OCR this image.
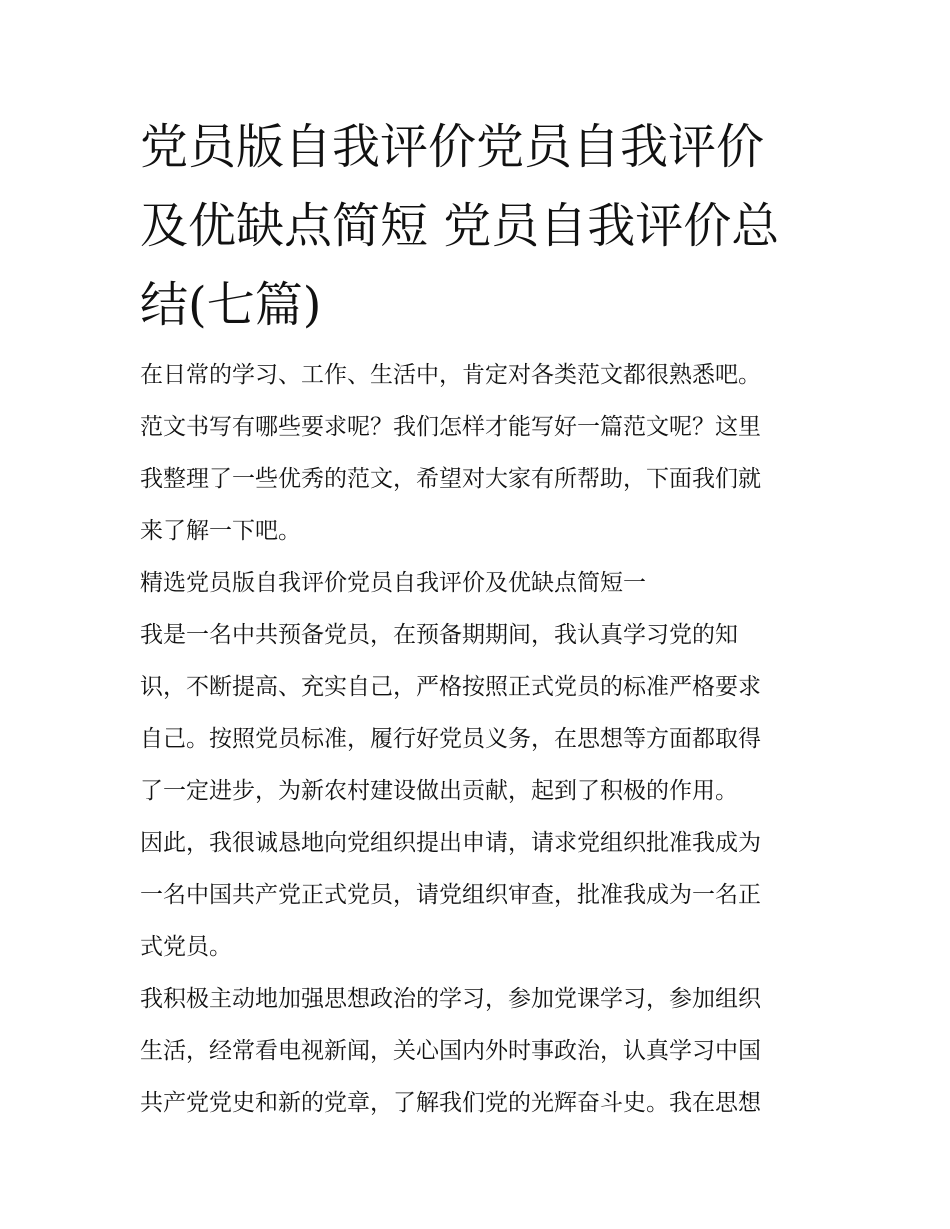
党员版自我评价党员自我评价
及优缺点简短 党员自我评价总
结(七篇)
在日常的学习、工作、生活中，肯定对各类范文都很熟悉吧。
范文书写有哪些要求呢？我们怎样才能写好一篇范文呢？这里
我整理了一些优秀的范文，希望对大家有所帮助，下面我们就
来了解一下吧。
精选党员版自我评价党员自我评价及优缺点简短一
我是一名中共预备党员，在预备期期间，我认真学习党的知
识，不断提高、充实自己，严格按照正式党员的标准严格要求
自己。按照党员标准，履行好党员义务，在思想等方面都取得
了一定进步，为新农村建设做出贡献，起到了积极的作用。
因此，我很诚恳地向党组织提出申请，请求党组织批准我成为
一名中国共产党正式党员，请党组织审查，批准我成为一名正
式党员。
我积极主动地加强思想政治的学习，参加党课学习，参加组织
生活，经常看电视新闻，关心国内外时事政治，认真学习中国
共产党党史和新的党章，了解我们党的光辉奋斗史。我在思想
